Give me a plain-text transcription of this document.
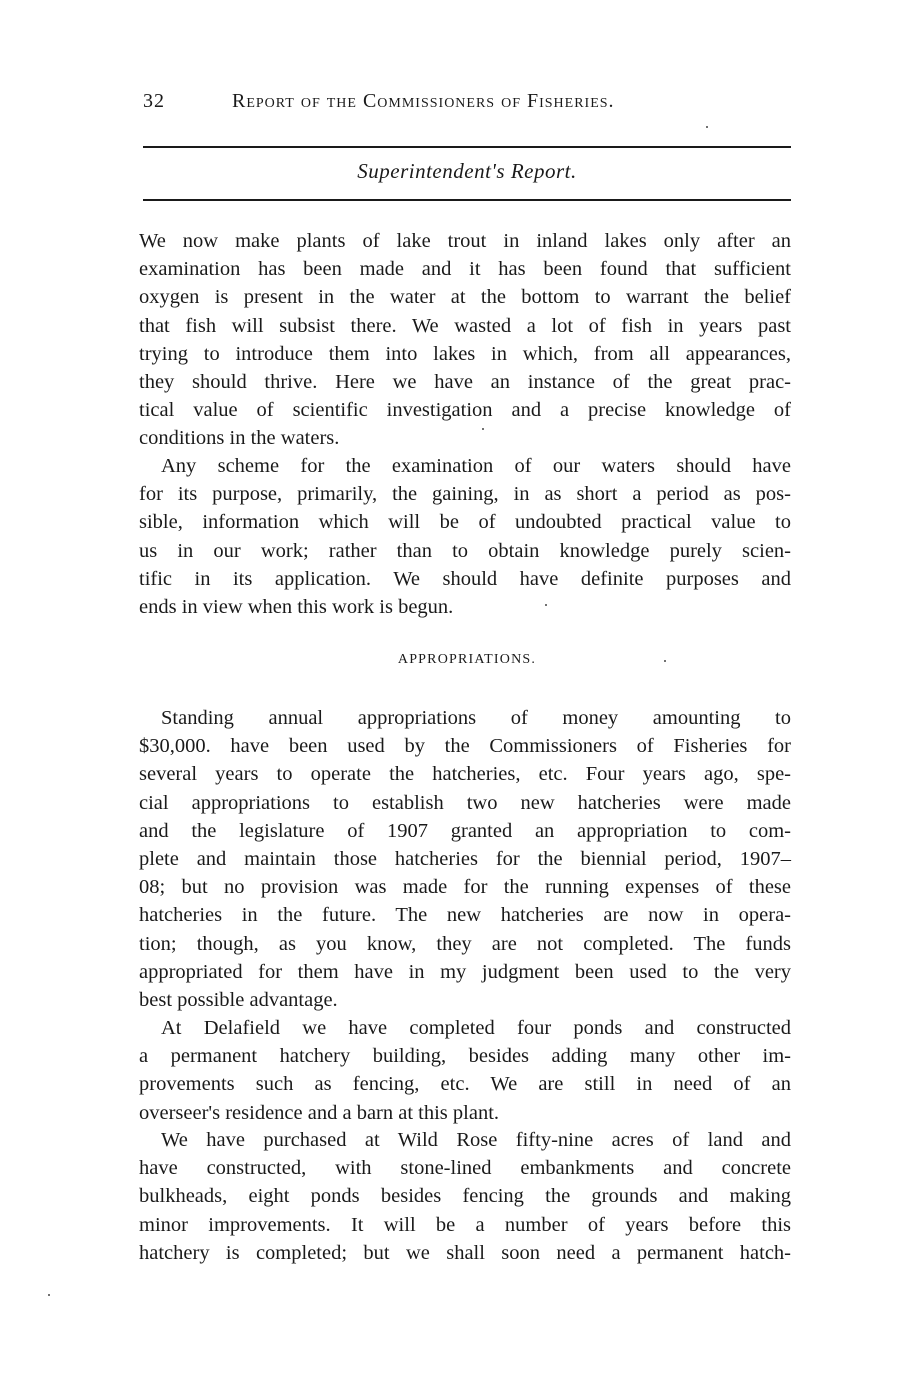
32	Report of the Commissioners of Fisheries.
Superintendent's Report.
We now make plants of lake trout in inland lakes only after an
examination has been made and it has been found that sufficient
oxygen is present in the water at the bottom to warrant the belief
that fish will subsist there. We wasted a lot of fish in years past
trying to introduce them into lakes in which, from all appearances,
they should thrive. Here we have an instance of the great prac-
tical value of scientific investigation and a precise knowledge of
conditions in the waters.
Any scheme for the examination of our waters should have
for its purpose, primarily, the gaining, in as short a period as pos-
sible, information which will be of undoubted practical value to
us in our work; rather than to obtain knowledge purely scien-
tific in its application. We should have definite purposes and
ends in view when this work is begun.
APPROPRIATIONS.
Standing annual appropriations of money amounting to
$30,000. have been used by the Commissioners of Fisheries for
several years to operate the hatcheries, etc. Four years ago, spe-
cial appropriations to establish two new hatcheries were made
and the legislature of 1907 granted an appropriation to com-
plete and maintain those hatcheries for the biennial period, 1907–
08; but no provision was made for the running expenses of these
hatcheries in the future. The new hatcheries are now in opera-
tion; though, as you know, they are not completed. The funds
appropriated for them have in my judgment been used to the very
best possible advantage.
At Delafield we have completed four ponds and constructed
a permanent hatchery building, besides adding many other im-
provements such as fencing, etc. We are still in need of an
overseer's residence and a barn at this plant.
We have purchased at Wild Rose fifty-nine acres of land and
have constructed, with stone-lined embankments and concrete
bulkheads, eight ponds besides fencing the grounds and making
minor improvements. It will be a number of years before this
hatchery is completed; but we shall soon need a permanent hatch-
